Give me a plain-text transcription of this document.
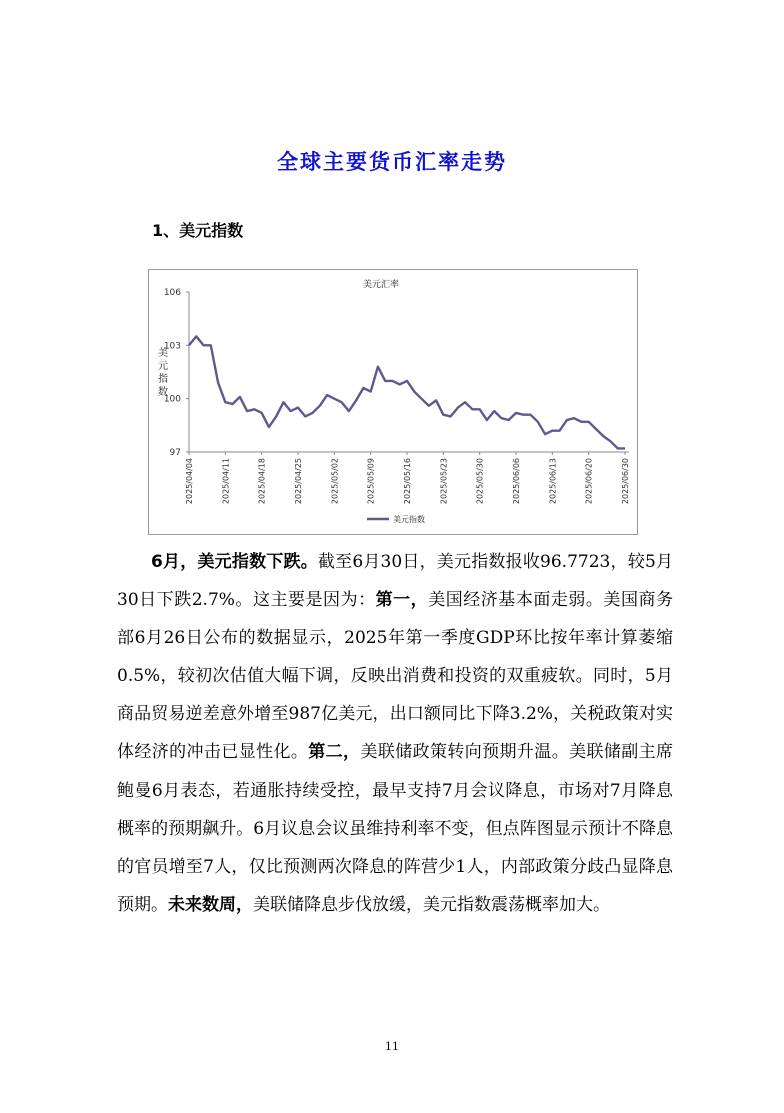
全球主要货币汇率走势
1、美元指数
美元汇率
97
100
103
106
美
元
指
数
2025/04/04	2025/04/11	2025/04/18	2025/04/25	2025/05/02	2025/05/09	2025/05/16	2025/05/23	2025/05/30	2025/06/06	2025/06/13	2025/06/20	2025/06/30
美元指数

6月，美元指数下跌。截至6月30日，美元指数报收96.7723，较5月30日下跌2.7%。这主要是因为：第一，美国经济基本面走弱。美国商务部6月26日公布的数据显示，2025年第一季度GDP环比按年率计算萎缩0.5%，较初次估值大幅下调，反映出消费和投资的双重疲软。同时，5月商品贸易逆差意外增至987亿美元，出口额同比下降3.2%，关税政策对实体经济的冲击已显性化。第二，美联储政策转向预期升温。美联储副主席鲍曼6月表态，若通胀持续受控，最早支持7月会议降息，市场对7月降息概率的预期飙升。6月议息会议虽维持利率不变，但点阵图显示预计不降息的官员增至7人，仅比预测两次降息的阵营少1人，内部政策分歧凸显降息预期。未来数周，美联储降息步伐放缓，美元指数震荡概率加大。

11
